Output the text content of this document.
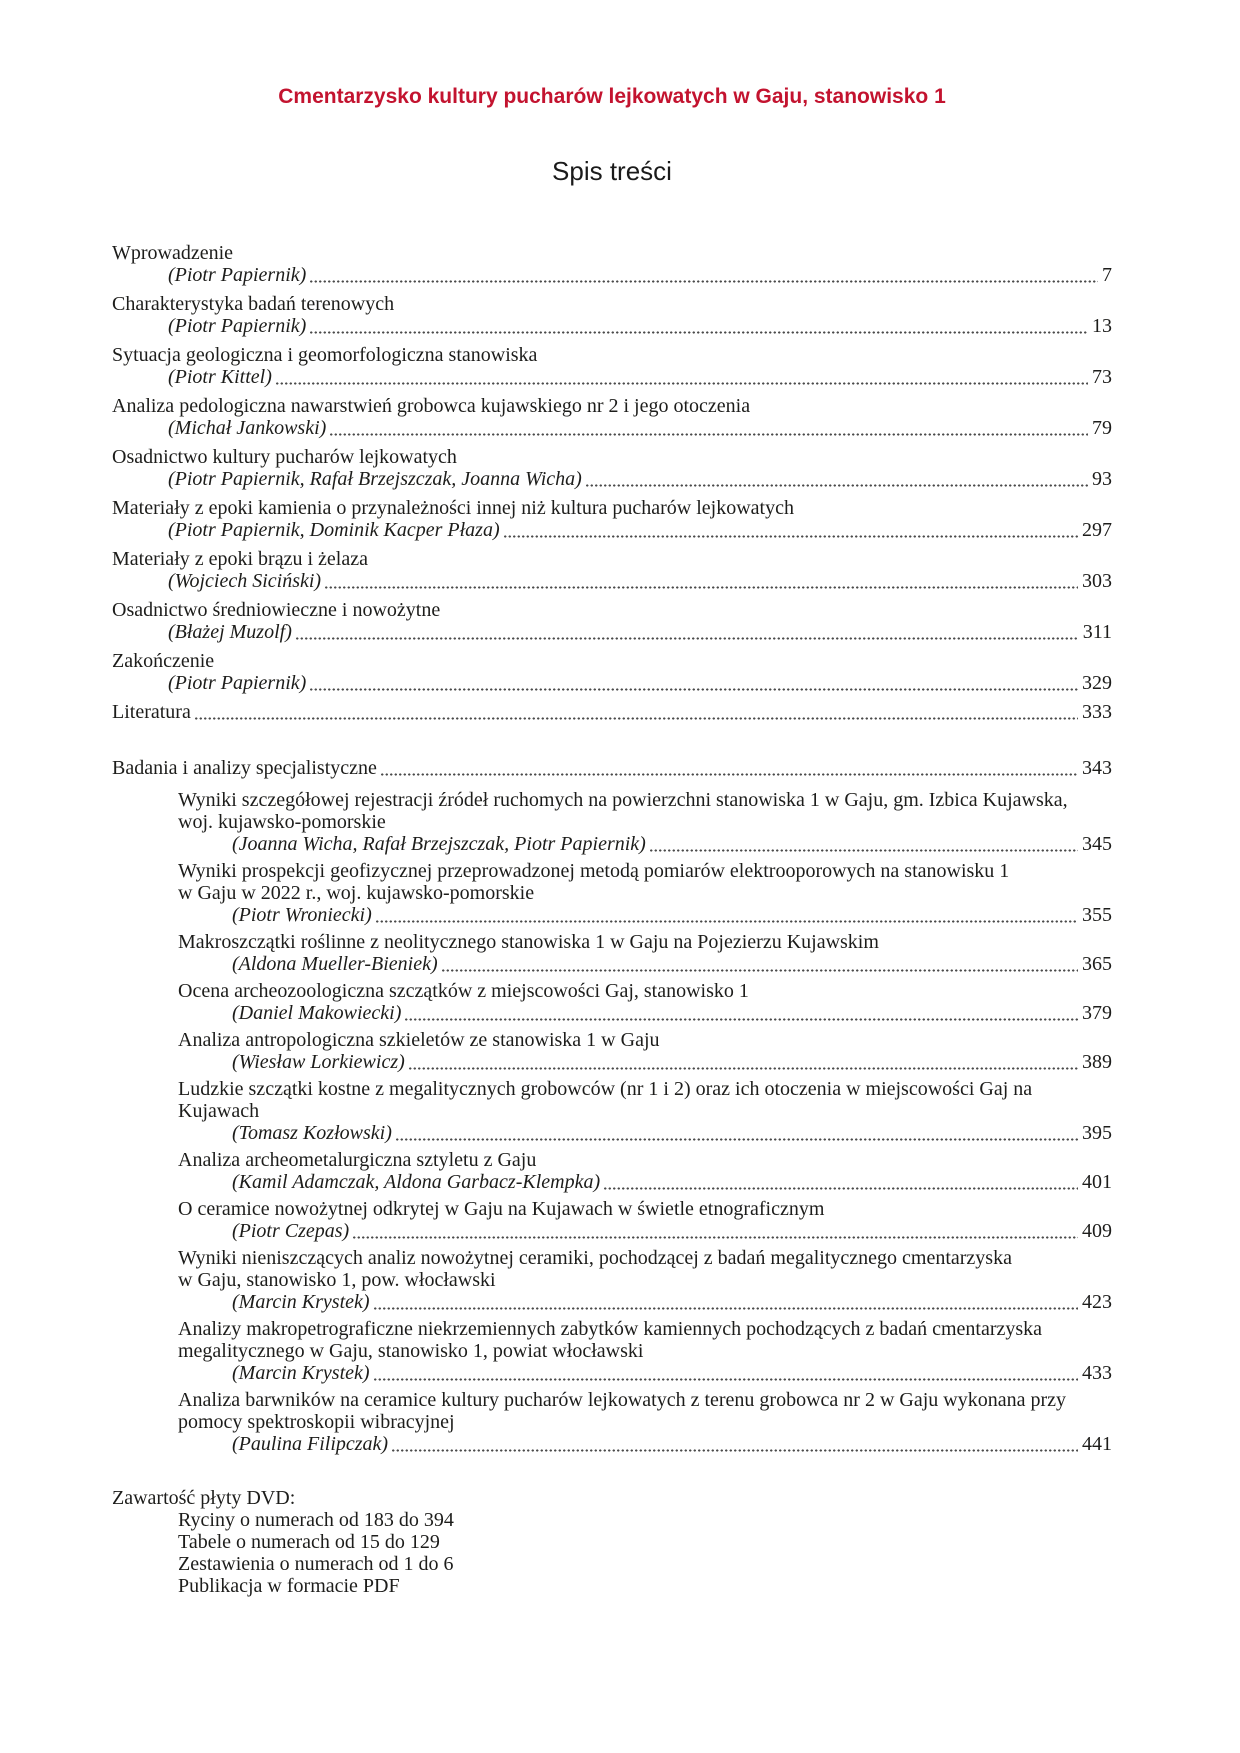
Cmentarzysko kultury pucharów lejkowatych w Gaju, stanowisko 1
Spis treści
Wprowadzenie
(Piotr Papiernik)	7
Charakterystyka badań terenowych
(Piotr Papiernik)	13
Sytuacja geologiczna i geomorfologiczna stanowiska
(Piotr Kittel)	73
Analiza pedologiczna nawarstwień grobowca kujawskiego nr 2 i jego otoczenia
(Michał Jankowski)	79
Osadnictwo kultury pucharów lejkowatych
(Piotr Papiernik, Rafał Brzejszczak, Joanna Wicha)	93
Materiały z epoki kamienia o przynależności innej niż kultura pucharów lejkowatych
(Piotr Papiernik, Dominik Kacper Płaza)	297
Materiały z epoki brązu i żelaza
(Wojciech Siciński)	303
Osadnictwo średniowieczne i nowożytne
(Błażej Muzolf)	311
Zakończenie
(Piotr Papiernik)	329
Literatura	333
Badania i analizy specjalistyczne	343
Wyniki szczegółowej rejestracji źródeł ruchomych na powierzchni stanowiska 1 w Gaju, gm. Izbica Kujawska,
woj. kujawsko-pomorskie
(Joanna Wicha, Rafał Brzejszczak, Piotr Papiernik)	345
Wyniki prospekcji geofizycznej przeprowadzonej metodą pomiarów elektrooporowych na stanowisku 1
w Gaju w 2022 r., woj. kujawsko-pomorskie
(Piotr Wroniecki)	355
Makroszczątki roślinne z neolitycznego stanowiska 1 w Gaju na Pojezierzu Kujawskim
(Aldona Mueller-Bieniek)	365
Ocena archeozoologiczna szczątków z miejscowości Gaj, stanowisko 1
(Daniel Makowiecki)	379
Analiza antropologiczna szkieletów ze stanowiska 1 w Gaju
(Wiesław Lorkiewicz)	389
Ludzkie szczątki kostne z megalitycznych grobowców (nr 1 i 2) oraz ich otoczenia w miejscowości Gaj na Kujawach
(Tomasz Kozłowski)	395
Analiza archeometalurgiczna sztyletu z Gaju
(Kamil Adamczak, Aldona Garbacz-Klempka)	401
O ceramice nowożytnej odkrytej w Gaju na Kujawach w świetle etnograficznym
(Piotr Czepas)	409
Wyniki nieniszczących analiz nowożytnej ceramiki, pochodzącej z badań megalitycznego cmentarzyska
w Gaju, stanowisko 1, pow. włocławski
(Marcin Krystek)	423
Analizy makropetrograficzne niekrzemiennych zabytków kamiennych pochodzących z badań cmentarzyska
megalitycznego w Gaju, stanowisko 1, powiat włocławski
(Marcin Krystek)	433
Analiza barwników na ceramice kultury pucharów lejkowatych z terenu grobowca nr 2 w Gaju wykonana przy
pomocy spektroskopii wibracyjnej
(Paulina Filipczak)	441
Zawartość płyty DVD:
Ryciny o numerach od 183 do 394
Tabele o numerach od 15 do 129
Zestawienia o numerach od 1 do 6
Publikacja w formacie PDF
